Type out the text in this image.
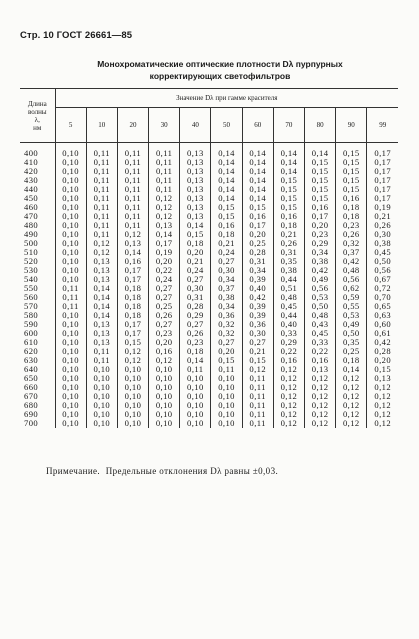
Стр. 10 ГОСТ 26661—85
Монохроматические оптические плотности Dλ пурпурных
корректирующих светофильтров
Длина
волны
λ,
нм	Значение Dλ при гамме красителя										
	5	10	20	30	40	50	60	70	80	90	99
400	0,10	0,11	0,11	0,11	0,13	0,14	0,14	0,14	0,14	0,15	0,17
410	0,10	0,11	0,11	0,11	0,13	0,14	0,14	0,14	0,15	0,15	0,17
420	0,10	0,11	0,11	0,11	0,13	0,14	0,14	0,14	0,15	0,15	0,17
430	0,10	0,11	0,11	0,11	0,13	0,14	0,14	0,15	0,15	0,15	0,17
440	0,10	0,11	0,11	0,11	0,13	0,14	0,14	0,15	0,15	0,15	0,17
450	0,10	0,11	0,11	0,12	0,13	0,14	0,14	0,15	0,15	0,16	0,17
460	0,10	0,11	0,11	0,12	0,13	0,15	0,15	0,15	0,16	0,18	0,19
470	0,10	0,11	0,11	0,12	0,13	0,15	0,16	0,16	0,17	0,18	0,21
480	0,10	0,11	0,11	0,13	0,14	0,16	0,17	0,18	0,20	0,23	0,26
490	0,10	0,11	0,12	0,14	0,15	0,18	0,20	0,21	0,23	0,26	0,30
500	0,10	0,12	0,13	0,17	0,18	0,21	0,25	0,26	0,29	0,32	0,38
510	0,10	0,12	0,14	0,19	0,20	0,24	0,28	0,31	0,34	0,37	0,45
520	0,10	0,13	0,16	0,20	0,21	0,27	0,31	0,35	0,38	0,42	0,50
530	0,10	0,13	0,17	0,22	0,24	0,30	0,34	0,38	0,42	0,48	0,56
540	0,10	0,13	0,17	0,24	0,27	0,34	0,39	0,44	0,49	0,56	0,67
550	0,11	0,14	0,18	0,27	0,30	0,37	0,40	0,51	0,56	0,62	0,72
560	0,11	0,14	0,18	0,27	0,31	0,38	0,42	0,48	0,53	0,59	0,70
570	0,11	0,14	0,18	0,25	0,28	0,34	0,39	0,45	0,50	0,55	0,65
580	0,10	0,14	0,18	0,26	0,29	0,36	0,39	0,44	0,48	0,53	0,63
590	0,10	0,13	0,17	0,27	0,27	0,32	0,36	0,40	0,43	0,49	0,60
600	0,10	0,13	0,17	0,23	0,26	0,32	0,30	0,33	0,45	0,50	0,61
610	0,10	0,13	0,15	0,20	0,23	0,27	0,27	0,29	0,33	0,35	0,42
620	0,10	0,11	0,12	0,16	0,18	0,20	0,21	0,22	0,22	0,25	0,28
630	0,10	0,11	0,12	0,12	0,14	0,15	0,15	0,16	0,16	0,18	0,20
640	0,10	0,10	0,10	0,10	0,11	0,11	0,12	0,12	0,13	0,14	0,15
650	0,10	0,10	0,10	0,10	0,10	0,10	0,11	0,12	0,12	0,12	0,13
660	0,10	0,10	0,10	0,10	0,10	0,10	0,11	0,12	0,12	0,12	0,12
670	0,10	0,10	0,10	0,10	0,10	0,10	0,11	0,12	0,12	0,12	0,12
680	0,10	0,10	0,10	0,10	0,10	0,10	0,11	0,12	0,12	0,12	0,12
690	0,10	0,10	0,10	0,10	0,10	0,10	0,11	0,12	0,12	0,12	0,12
700	0,10	0,10	0,10	0,10	0,10	0,10	0,11	0,12	0,12	0,12	0,12
Примечание. Предельные отклонения Dλ равны ±0,03.
